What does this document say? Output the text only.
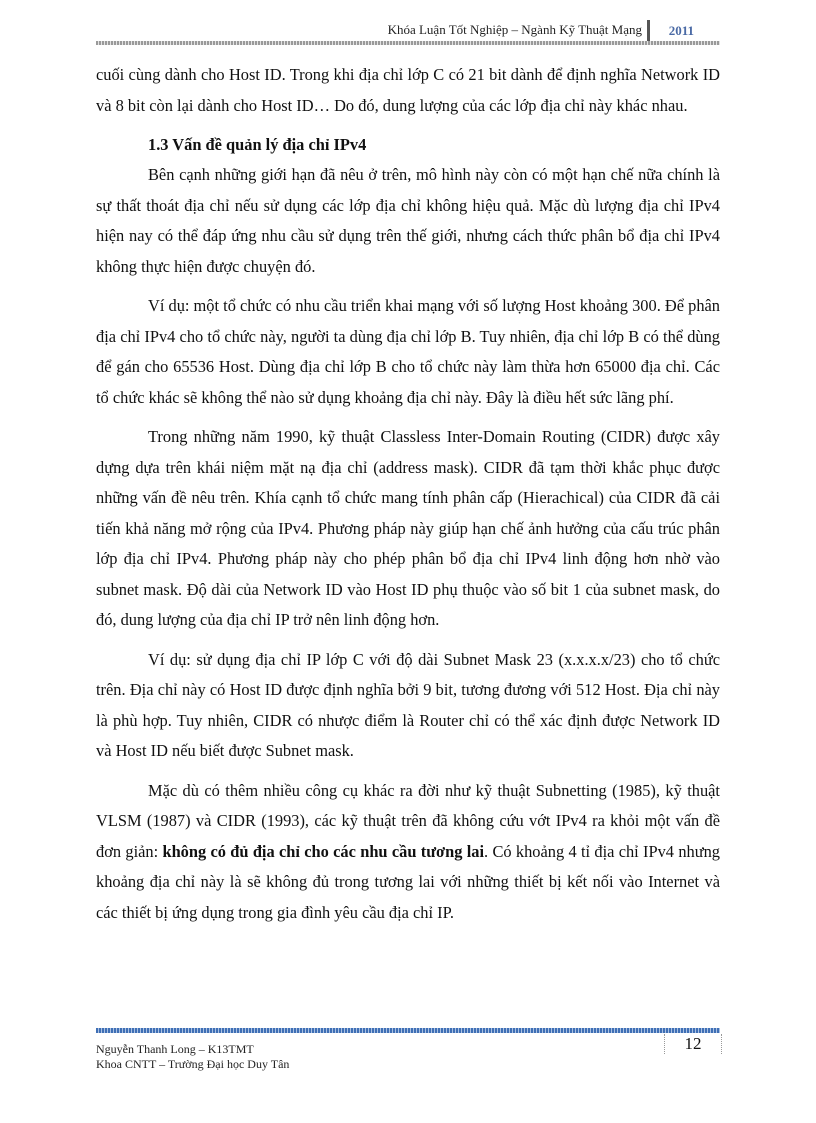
Khóa Luận Tốt Nghiệp – Ngành Kỹ Thuật Mạng 2011

cuối cùng dành cho Host ID. Trong khi địa chỉ lớp C có 21 bit dành để định nghĩa Network ID và 8 bit còn lại dành cho Host ID… Do đó, dung lượng của các lớp địa chỉ này khác nhau.

1.3 Vấn đề quản lý địa chỉ IPv4

Bên cạnh những giới hạn đã nêu ở trên, mô hình này còn có một hạn chế nữa chính là sự thất thoát địa chỉ nếu sử dụng các lớp địa chỉ không hiệu quả. Mặc dù lượng địa chỉ IPv4 hiện nay có thể đáp ứng nhu cầu sử dụng trên thế giới, nhưng cách thức phân bổ địa chỉ IPv4 không thực hiện được chuyện đó.

Ví dụ: một tổ chức có nhu cầu triển khai mạng với số lượng Host khoảng 300. Để phân địa chỉ IPv4 cho tổ chức này, người ta dùng địa chỉ lớp B. Tuy nhiên, địa chỉ lớp B có thể dùng để gán cho 65536 Host. Dùng địa chỉ lớp B cho tổ chức này làm thừa hơn 65000 địa chỉ. Các tổ chức khác sẽ không thể nào sử dụng khoảng địa chỉ này. Đây là điều hết sức lãng phí.

Trong những năm 1990, kỹ thuật Classless Inter-Domain Routing (CIDR) được xây dựng dựa trên khái niệm mặt nạ địa chỉ (address mask). CIDR đã tạm thời khắc phục được những vấn đề nêu trên. Khía cạnh tổ chức mang tính phân cấp (Hierachical) của CIDR đã cải tiến khả năng mở rộng của IPv4. Phương pháp này giúp hạn chế ảnh hưởng của cấu trúc phân lớp địa chỉ IPv4. Phương pháp này cho phép phân bổ địa chỉ IPv4 linh động hơn nhờ vào subnet mask. Độ dài của Network ID vào Host ID phụ thuộc vào số bit 1 của subnet mask, do đó, dung lượng của địa chỉ IP trở nên linh động hơn.

Ví dụ: sử dụng địa chỉ IP lớp C với độ dài Subnet Mask 23 (x.x.x.x/23) cho tổ chức trên. Địa chỉ này có Host ID được định nghĩa bởi 9 bit, tương đương với 512 Host. Địa chỉ này là phù hợp. Tuy nhiên, CIDR có nhược điểm là Router chỉ có thể xác định được Network ID và Host ID nếu biết được Subnet mask.

Mặc dù có thêm nhiều công cụ khác ra đời như kỹ thuật Subnetting (1985), kỹ thuật VLSM (1987) và CIDR (1993), các kỹ thuật trên đã không cứu vớt IPv4 ra khỏi một vấn đề đơn giản: không có đủ địa chỉ cho các nhu cầu tương lai. Có khoảng 4 tỉ địa chỉ IPv4 nhưng khoảng địa chỉ này là sẽ không đủ trong tương lai với những thiết bị kết nối vào Internet và các thiết bị ứng dụng trong gia đình yêu cầu địa chỉ IP.

12
Nguyễn Thanh Long – K13TMT
Khoa CNTT – Trường Đại học Duy Tân
